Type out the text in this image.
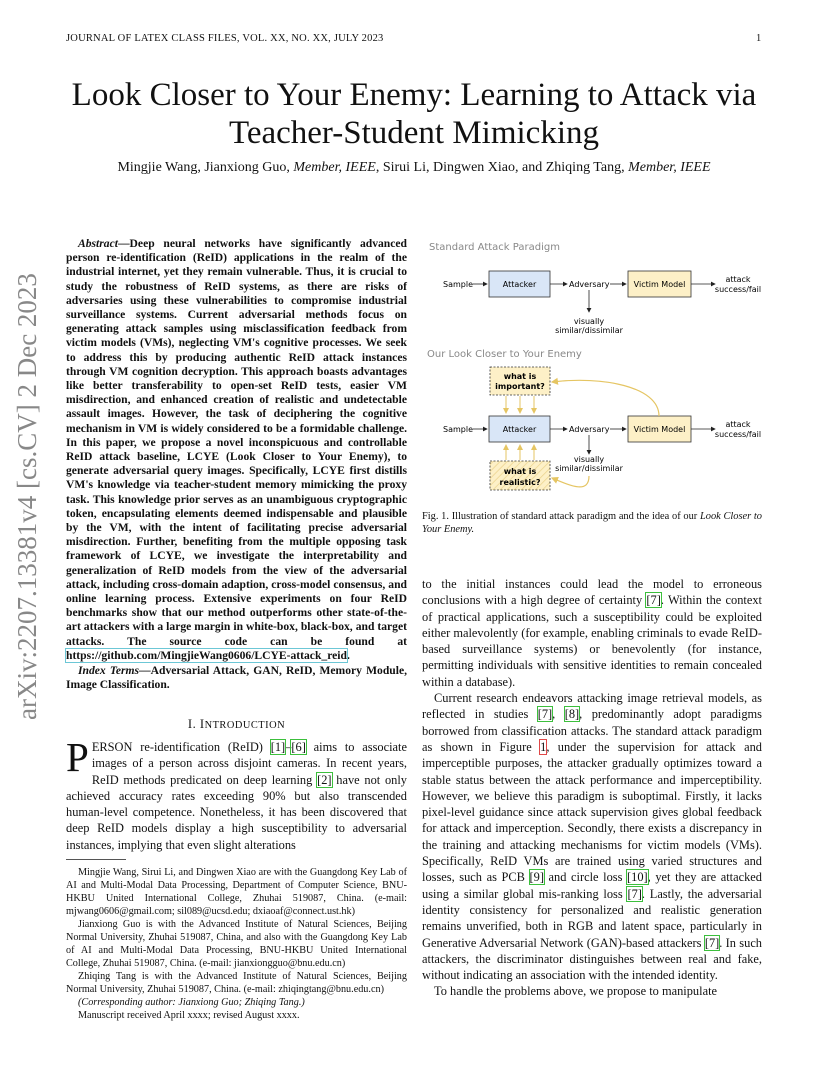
JOURNAL OF LATEX CLASS FILES, VOL. XX, NO. XX, JULY 2023	1
arXiv:2207.13381v4 [cs.CV] 2 Dec 2023
Look Closer to Your Enemy: Learning to Attack via Teacher-Student Mimicking
Mingjie Wang, Jianxiong Guo, Member, IEEE, Sirui Li, Dingwen Xiao, and Zhiqing Tang, Member, IEEE
Abstract—Deep neural networks have significantly advanced person re-identification (ReID) applications in the realm of the industrial internet, yet they remain vulnerable. Thus, it is crucial to study the robustness of ReID systems, as there are risks of adversaries using these vulnerabilities to compromise industrial surveillance systems. Current adversarial methods focus on generating attack samples using misclassification feedback from victim models (VMs), neglecting VM's cognitive processes. We seek to address this by producing authentic ReID attack instances through VM cognition decryption. This approach boasts advantages like better transferability to open-set ReID tests, easier VM misdirection, and enhanced creation of realistic and undetectable assault images. However, the task of deciphering the cognitive mechanism in VM is widely considered to be a formidable challenge. In this paper, we propose a novel inconspicuous and controllable ReID attack baseline, LCYE (Look Closer to Your Enemy), to generate adversarial query images. Specifically, LCYE first distills VM's knowledge via teacher-student memory mimicking the proxy task. This knowledge prior serves as an unambiguous cryptographic token, encapsulating elements deemed indispensable and plausible by the VM, with the intent of facilitating precise adversarial misdirection. Further, benefiting from the multiple opposing task framework of LCYE, we investigate the interpretability and generalization of ReID models from the view of the adversarial attack, including cross-domain adaption, cross-model consensus, and online learning process. Extensive experiments on four ReID benchmarks show that our method outperforms other state-of-the-art attackers with a large margin in white-box, black-box, and target attacks. The source code can be found at https://github.com/MingjieWang0606/LCYE-attack_reid.
Index Terms—Adversarial Attack, GAN, ReID, Memory Module, Image Classification.
I. INTRODUCTION
PERSON re-identification (ReID) [1]–[6] aims to associate images of a person across disjoint cameras. In recent years, ReID methods predicated on deep learning [2] have not only achieved accuracy rates exceeding 90% but also transcended human-level competence. Nonetheless, it has been discovered that deep ReID models display a high susceptibility to adversarial instances, implying that even slight alterations
Mingjie Wang, Sirui Li, and Dingwen Xiao are with the Guangdong Key Lab of AI and Multi-Modal Data Processing, Department of Computer Science, BNU-HKBU United International College, Zhuhai 519087, China. (e-mail: mjwang0606@gmail.com; sil089@ucsd.edu; dxiaoaf@connect.ust.hk)
Jianxiong Guo is with the Advanced Institute of Natural Sciences, Beijing Normal University, Zhuhai 519087, China, and also with the Guangdong Key Lab of AI and Multi-Modal Data Processing, BNU-HKBU United International College, Zhuhai 519087, China. (e-mail: jianxiongguo@bnu.edu.cn)
Zhiqing Tang is with the Advanced Institute of Natural Sciences, Beijing Normal University, Zhuhai 519087, China. (e-mail: zhiqingtang@bnu.edu.cn)
(Corresponding author: Jianxiong Guo; Zhiqing Tang.)
Manuscript received April xxxx; revised August xxxx.
Standard Attack Paradigm
Sample	Attacker	Adversary	Victim Model
attack
success/fail
visually
similar/dissimilar
Our Look Closer to Your Enemy
what is
important?
Sample	Attacker	Adversary	Victim Model
attack
success/fail
visually
similar/dissimilar
what is
realistic?
Fig. 1. Illustration of standard attack paradigm and the idea of our Look Closer to Your Enemy.
to the initial instances could lead the model to erroneous conclusions with a high degree of certainty [7]. Within the context of practical applications, such a susceptibility could be exploited either malevolently (for example, enabling criminals to evade ReID-based surveillance systems) or benevolently (for instance, permitting individuals with sensitive identities to remain concealed within a database).
Current research endeavors attacking image retrieval models, as reflected in studies [7], [8], predominantly adopt paradigms borrowed from classification attacks. The standard attack paradigm as shown in Figure 1, under the supervision for attack and imperceptible purposes, the attacker gradually optimizes toward a stable status between the attack performance and imperceptibility. However, we believe this paradigm is suboptimal. Firstly, it lacks pixel-level guidance since attack supervision gives global feedback for attack and imperception. Secondly, there exists a discrepancy in the training and attacking mechanisms for victim models (VMs). Specifically, ReID VMs are trained using varied structures and losses, such as PCB [9] and circle loss [10], yet they are attacked using a similar global mis-ranking loss [7]. Lastly, the adversarial identity consistency for personalized and realistic generation remains unverified, both in RGB and latent space, particularly in Generative Adversarial Network (GAN)-based attackers [7]. In such attackers, the discriminator distinguishes between real and fake, without indicating an association with the intended identity.
To handle the problems above, we propose to manipulate
